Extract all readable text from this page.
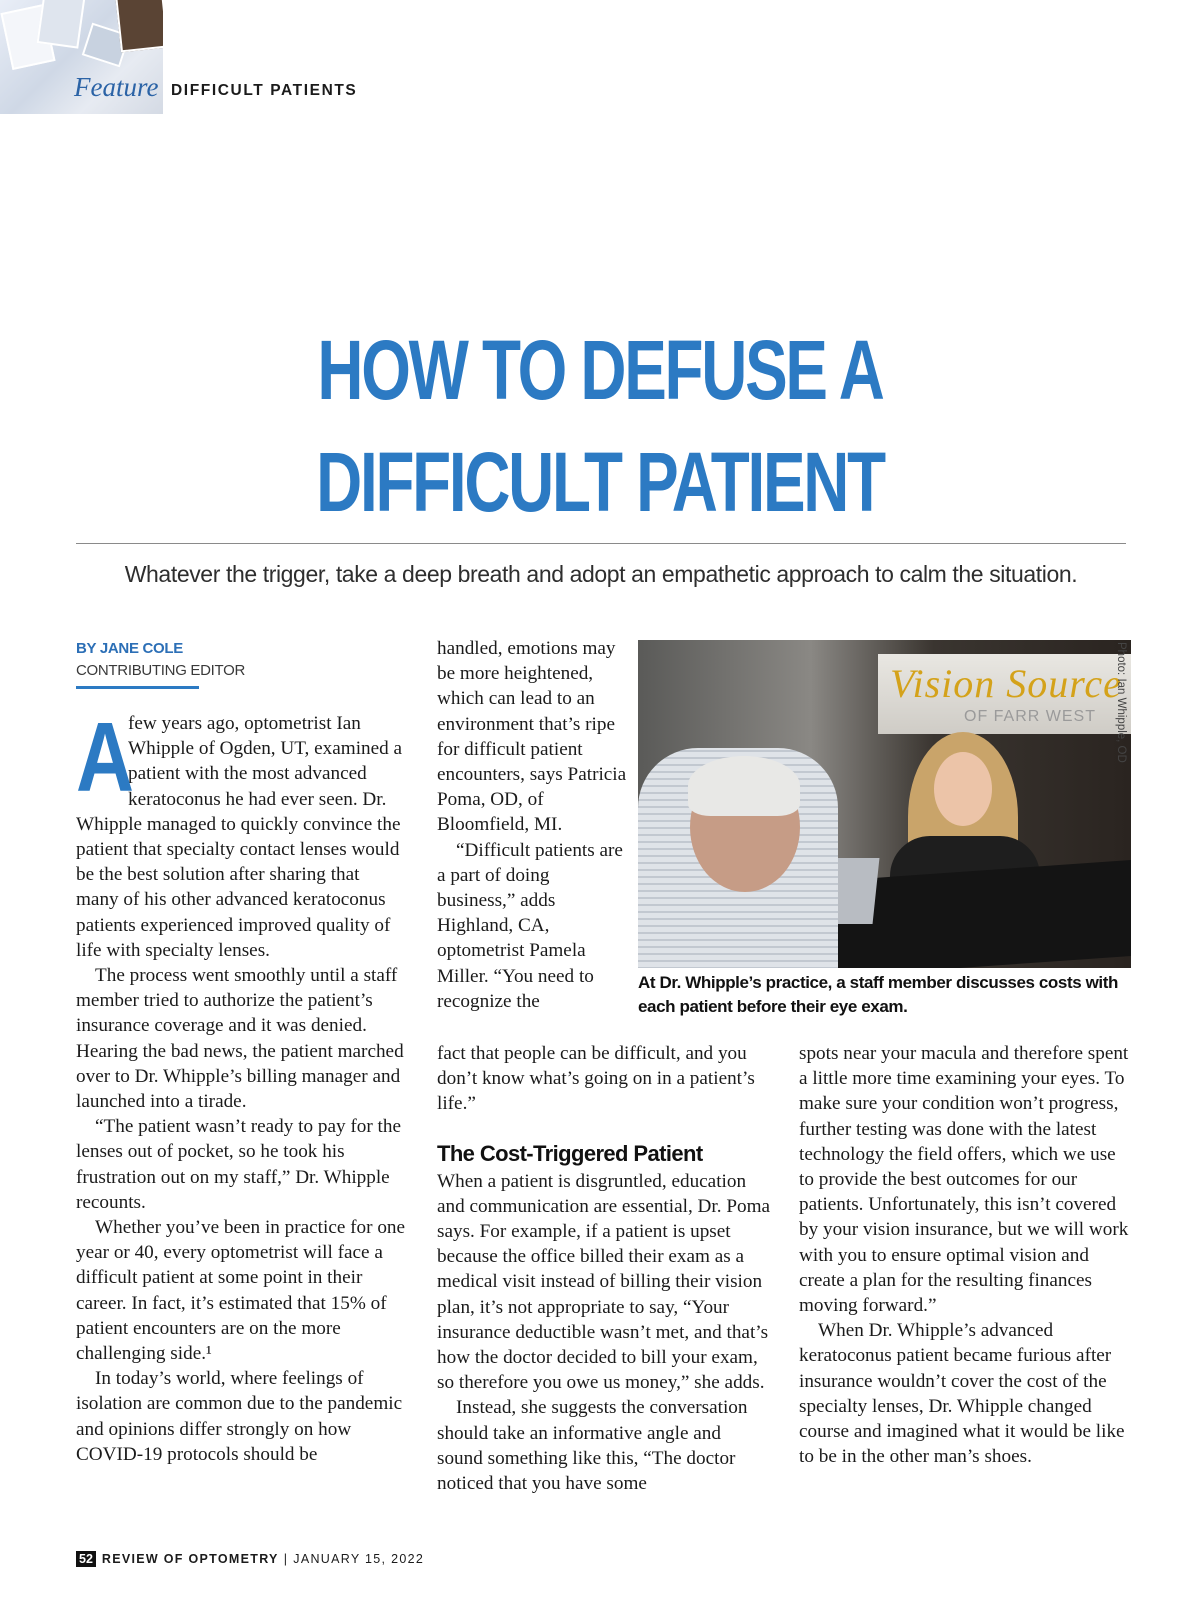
Feature DIFFICULT PATIENTS
HOW TO DEFUSE A
DIFFICULT PATIENT
Whatever the trigger, take a deep breath and adopt an empathetic approach to calm the situation.
BY JANE COLE
CONTRIBUTING EDITOR
A

few years ago, optometrist Ian Whipple of Ogden, UT, examined a patient with the most advanced keratoconus he had ever seen. Dr. Whipple managed to quickly convince the patient that specialty contact lenses would be the best solution after sharing that many of his other advanced keratoconus patients experienced improved quality of life with specialty lenses.

The process went smoothly until a staff member tried to authorize the patient’s insurance coverage and it was denied. Hearing the bad news, the patient marched over to Dr. Whipple’s billing manager and launched into a tirade.

“The patient wasn’t ready to pay for the lenses out of pocket, so he took his frustration out on my staff,” Dr. Whipple recounts.

Whether you’ve been in practice for one year or 40, every optometrist will face a difficult patient at some point in their career. In fact, it’s estimated that 15% of patient encounters are on the more challenging side.¹

In today’s world, where feelings of isolation are common due to the pandemic and opinions differ strongly on how COVID-19 protocols should be

handled, emotions may be more heightened, which can lead to an environment that’s ripe for difficult patient encounters, says Patricia Poma, OD, of Bloomfield, MI.

“Difficult patients are a part of doing business,” adds Highland, CA, optometrist Pamela Miller. “You need to recognize the

Vision Source
OF FARR WEST Photo: Ian Whipple, OD
At Dr. Whipple’s practice, a staff member discusses costs with each patient before their eye exam.

fact that people can be difficult, and you don’t know what’s going on in a patient’s life.”

The Cost-Triggered Patient

When a patient is disgruntled, education and communication are essential, Dr. Poma says. For example, if a patient is upset because the office billed their exam as a medical visit instead of billing their vision plan, it’s not appropriate to say, “Your insurance deductible wasn’t met, and that’s how the doctor decided to bill your exam, so therefore you owe us money,” she adds.

Instead, she suggests the conversation should take an informative angle and sound something like this, “The doctor noticed that you have some

spots near your macula and therefore spent a little more time examining your eyes. To make sure your condition won’t progress, further testing was done with the latest technology the field offers, which we use to provide the best outcomes for our patients. Unfortunately, this isn’t covered by your vision insurance, but we will work with you to ensure optimal vision and create a plan for the resulting finances moving forward.”

When Dr. Whipple’s advanced keratoconus patient became furious after insurance wouldn’t cover the cost of the specialty lenses, Dr. Whipple changed course and imagined what it would be like to be in the other man’s shoes.

52 REVIEW OF OPTOMETRY | JANUARY 15, 2022
